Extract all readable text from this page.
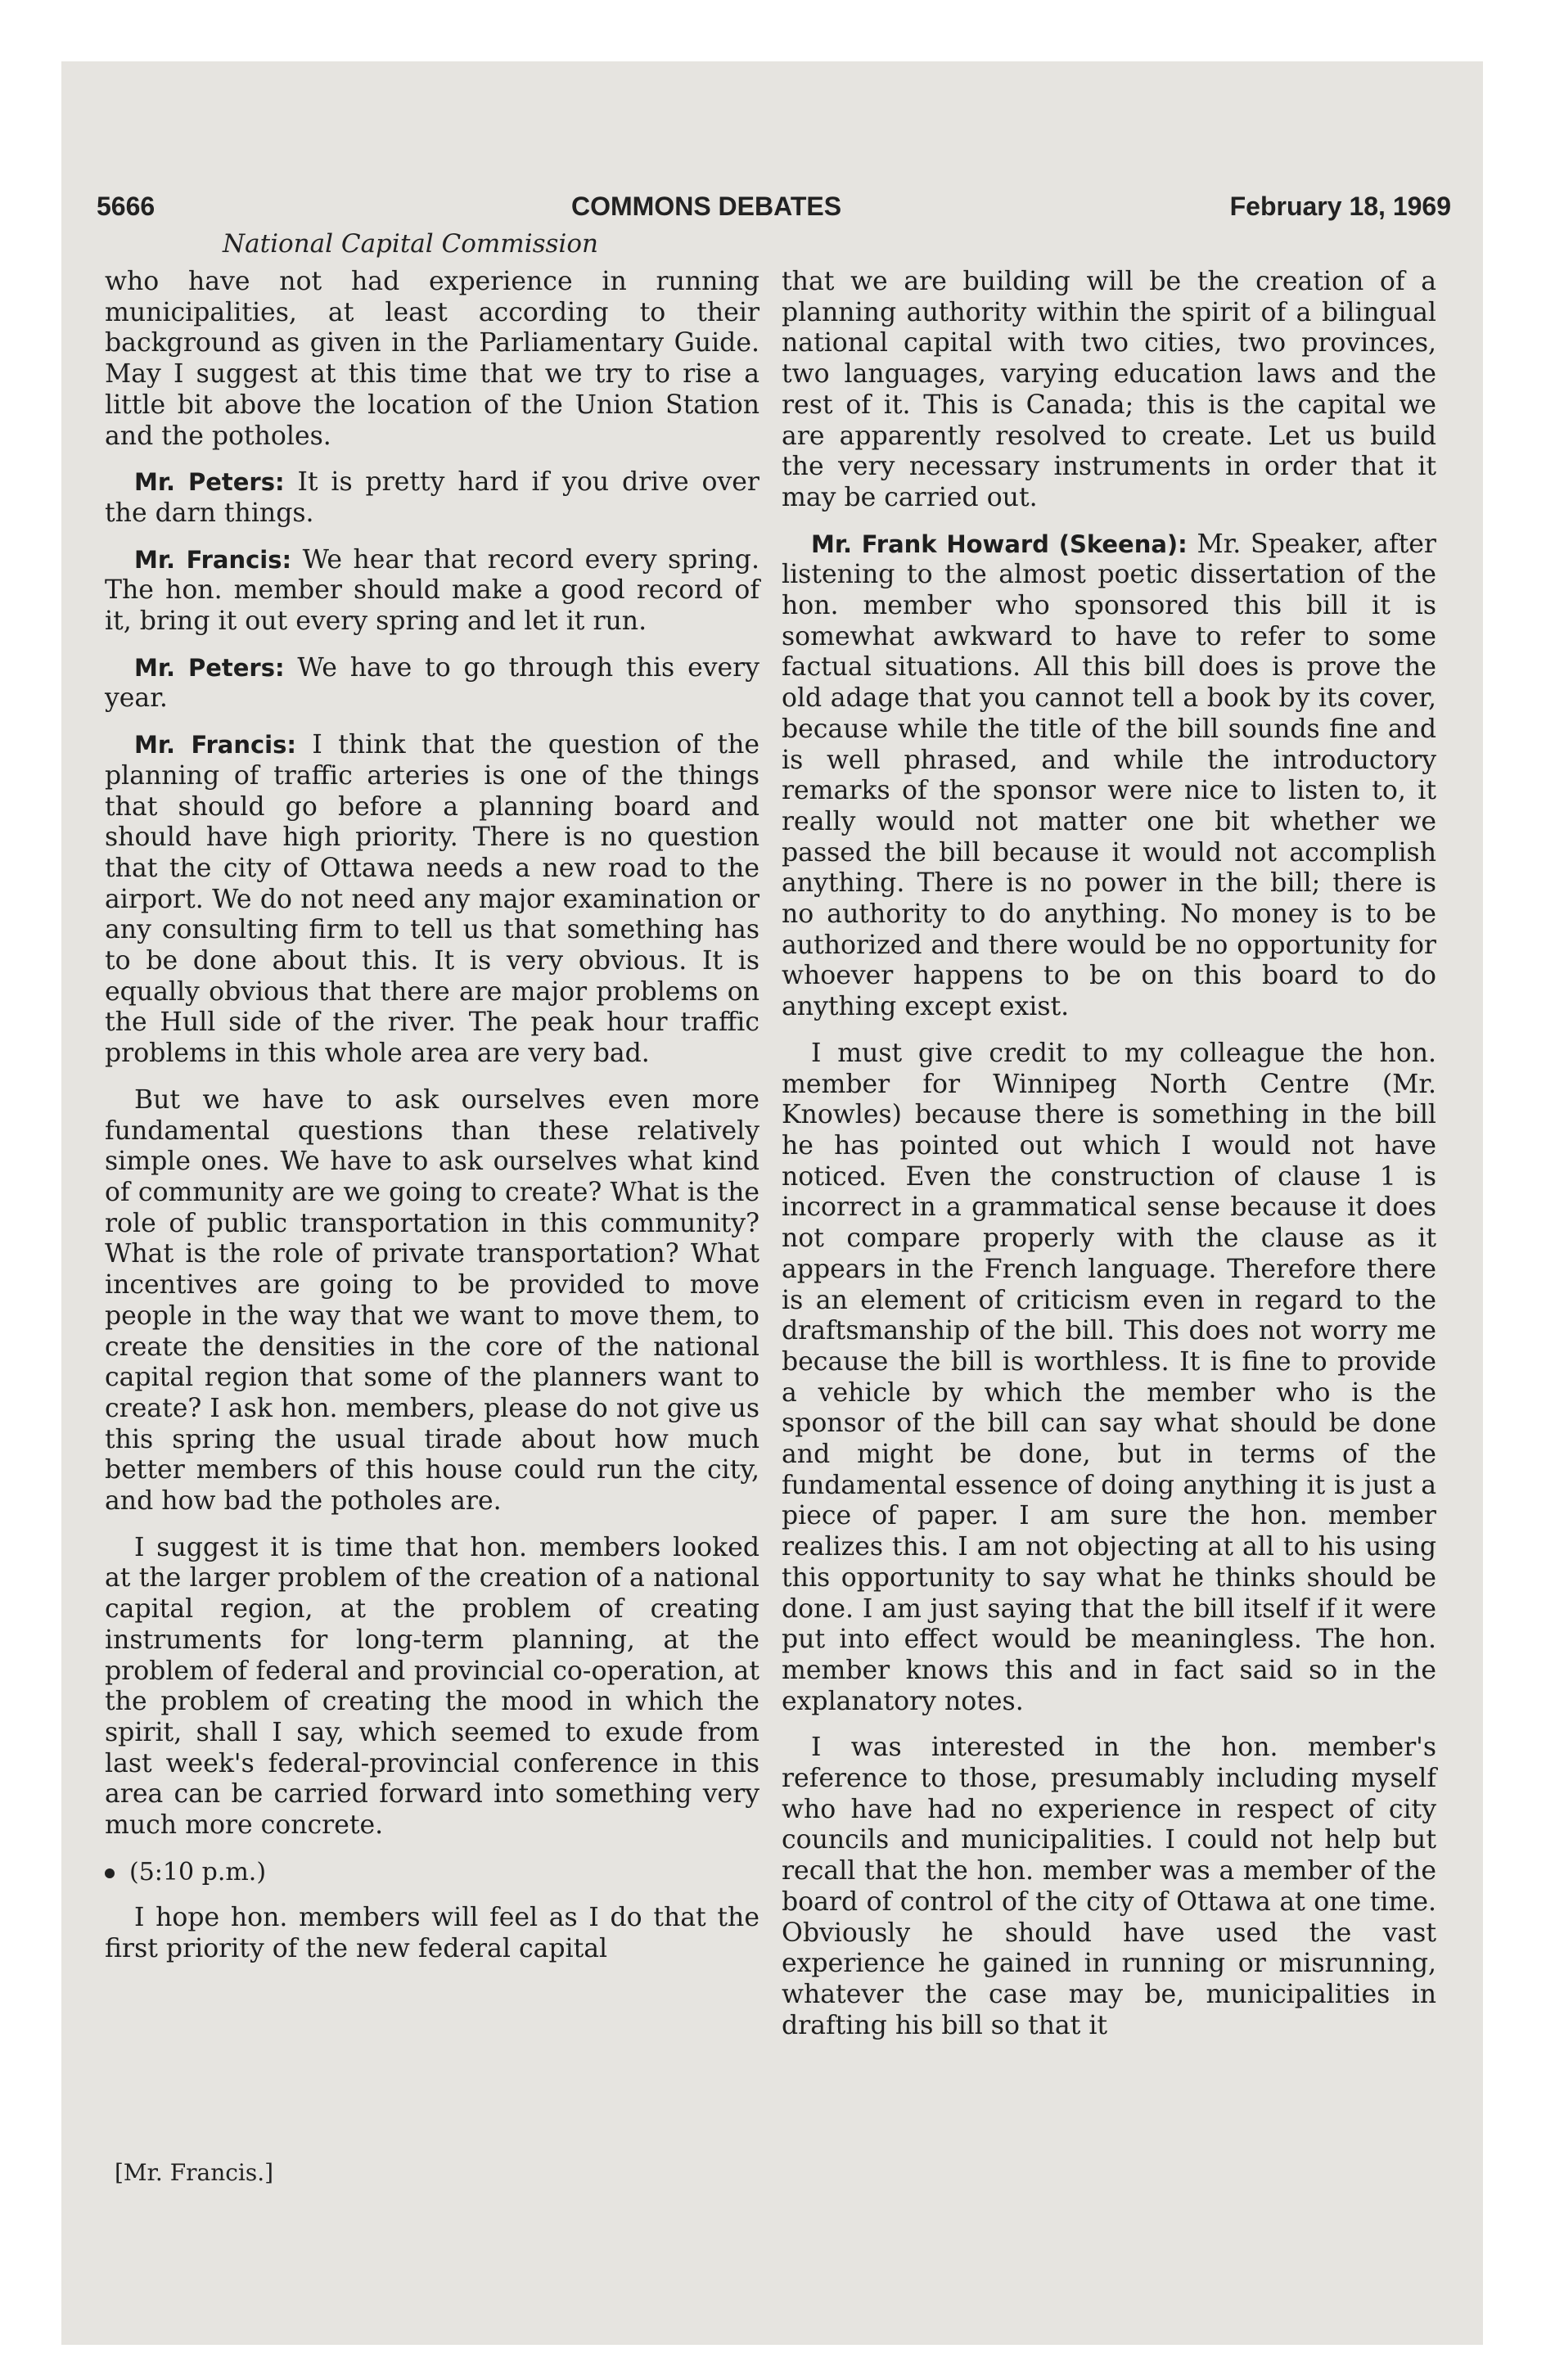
5666	COMMONS DEBATES	February 18, 1969
National Capital Commission

who have not had experience in running municipalities, at least according to their background as given in the Parliamentary Guide. May I suggest at this time that we try to rise a little bit above the location of the Union Station and the potholes.

Mr. Peters: It is pretty hard if you drive over the darn things.

Mr. Francis: We hear that record every spring. The hon. member should make a good record of it, bring it out every spring and let it run.

Mr. Peters: We have to go through this every year.

Mr. Francis: I think that the question of the planning of traffic arteries is one of the things that should go before a planning board and should have high priority. There is no question that the city of Ottawa needs a new road to the airport. We do not need any major examination or any consulting firm to tell us that something has to be done about this. It is very obvious. It is equally obvious that there are major problems on the Hull side of the river. The peak hour traffic problems in this whole area are very bad.

But we have to ask ourselves even more fundamental questions than these relatively simple ones. We have to ask ourselves what kind of community are we going to create? What is the role of public transportation in this community? What is the role of private transportation? What incentives are going to be provided to move people in the way that we want to move them, to create the densities in the core of the national capital region that some of the planners want to create? I ask hon. members, please do not give us this spring the usual tirade about how much better members of this house could run the city, and how bad the potholes are.

I suggest it is time that hon. members looked at the larger problem of the creation of a national capital region, at the problem of creating instruments for long-term planning, at the problem of federal and provincial co-operation, at the problem of creating the mood in which the spirit, shall I say, which seemed to exude from last week's federal-provincial conference in this area can be carried forward into something very much more concrete.

(5:10 p.m.)

I hope hon. members will feel as I do that the first priority of the new federal capital

that we are building will be the creation of a planning authority within the spirit of a bilingual national capital with two cities, two provinces, two languages, varying education laws and the rest of it. This is Canada; this is the capital we are apparently resolved to create. Let us build the very necessary instruments in order that it may be carried out.

Mr. Frank Howard (Skeena): Mr. Speaker, after listening to the almost poetic dissertation of the hon. member who sponsored this bill it is somewhat awkward to have to refer to some factual situations. All this bill does is prove the old adage that you cannot tell a book by its cover, because while the title of the bill sounds fine and is well phrased, and while the introductory remarks of the sponsor were nice to listen to, it really would not matter one bit whether we passed the bill because it would not accomplish anything. There is no power in the bill; there is no authority to do anything. No money is to be authorized and there would be no opportunity for whoever happens to be on this board to do anything except exist.

I must give credit to my colleague the hon. member for Winnipeg North Centre (Mr. Knowles) because there is something in the bill he has pointed out which I would not have noticed. Even the construction of clause 1 is incorrect in a grammatical sense because it does not compare properly with the clause as it appears in the French language. Therefore there is an element of criticism even in regard to the draftsmanship of the bill. This does not worry me because the bill is worthless. It is fine to provide a vehicle by which the member who is the sponsor of the bill can say what should be done and might be done, but in terms of the fundamental essence of doing anything it is just a piece of paper. I am sure the hon. member realizes this. I am not objecting at all to his using this opportunity to say what he thinks should be done. I am just saying that the bill itself if it were put into effect would be meaningless. The hon. member knows this and in fact said so in the explanatory notes.

I was interested in the hon. member's reference to those, presumably including myself who have had no experience in respect of city councils and municipalities. I could not help but recall that the hon. member was a member of the board of control of the city of Ottawa at one time. Obviously he should have used the vast experience he gained in running or misrunning, whatever the case may be, municipalities in drafting his bill so that it

[Mr. Francis.]
